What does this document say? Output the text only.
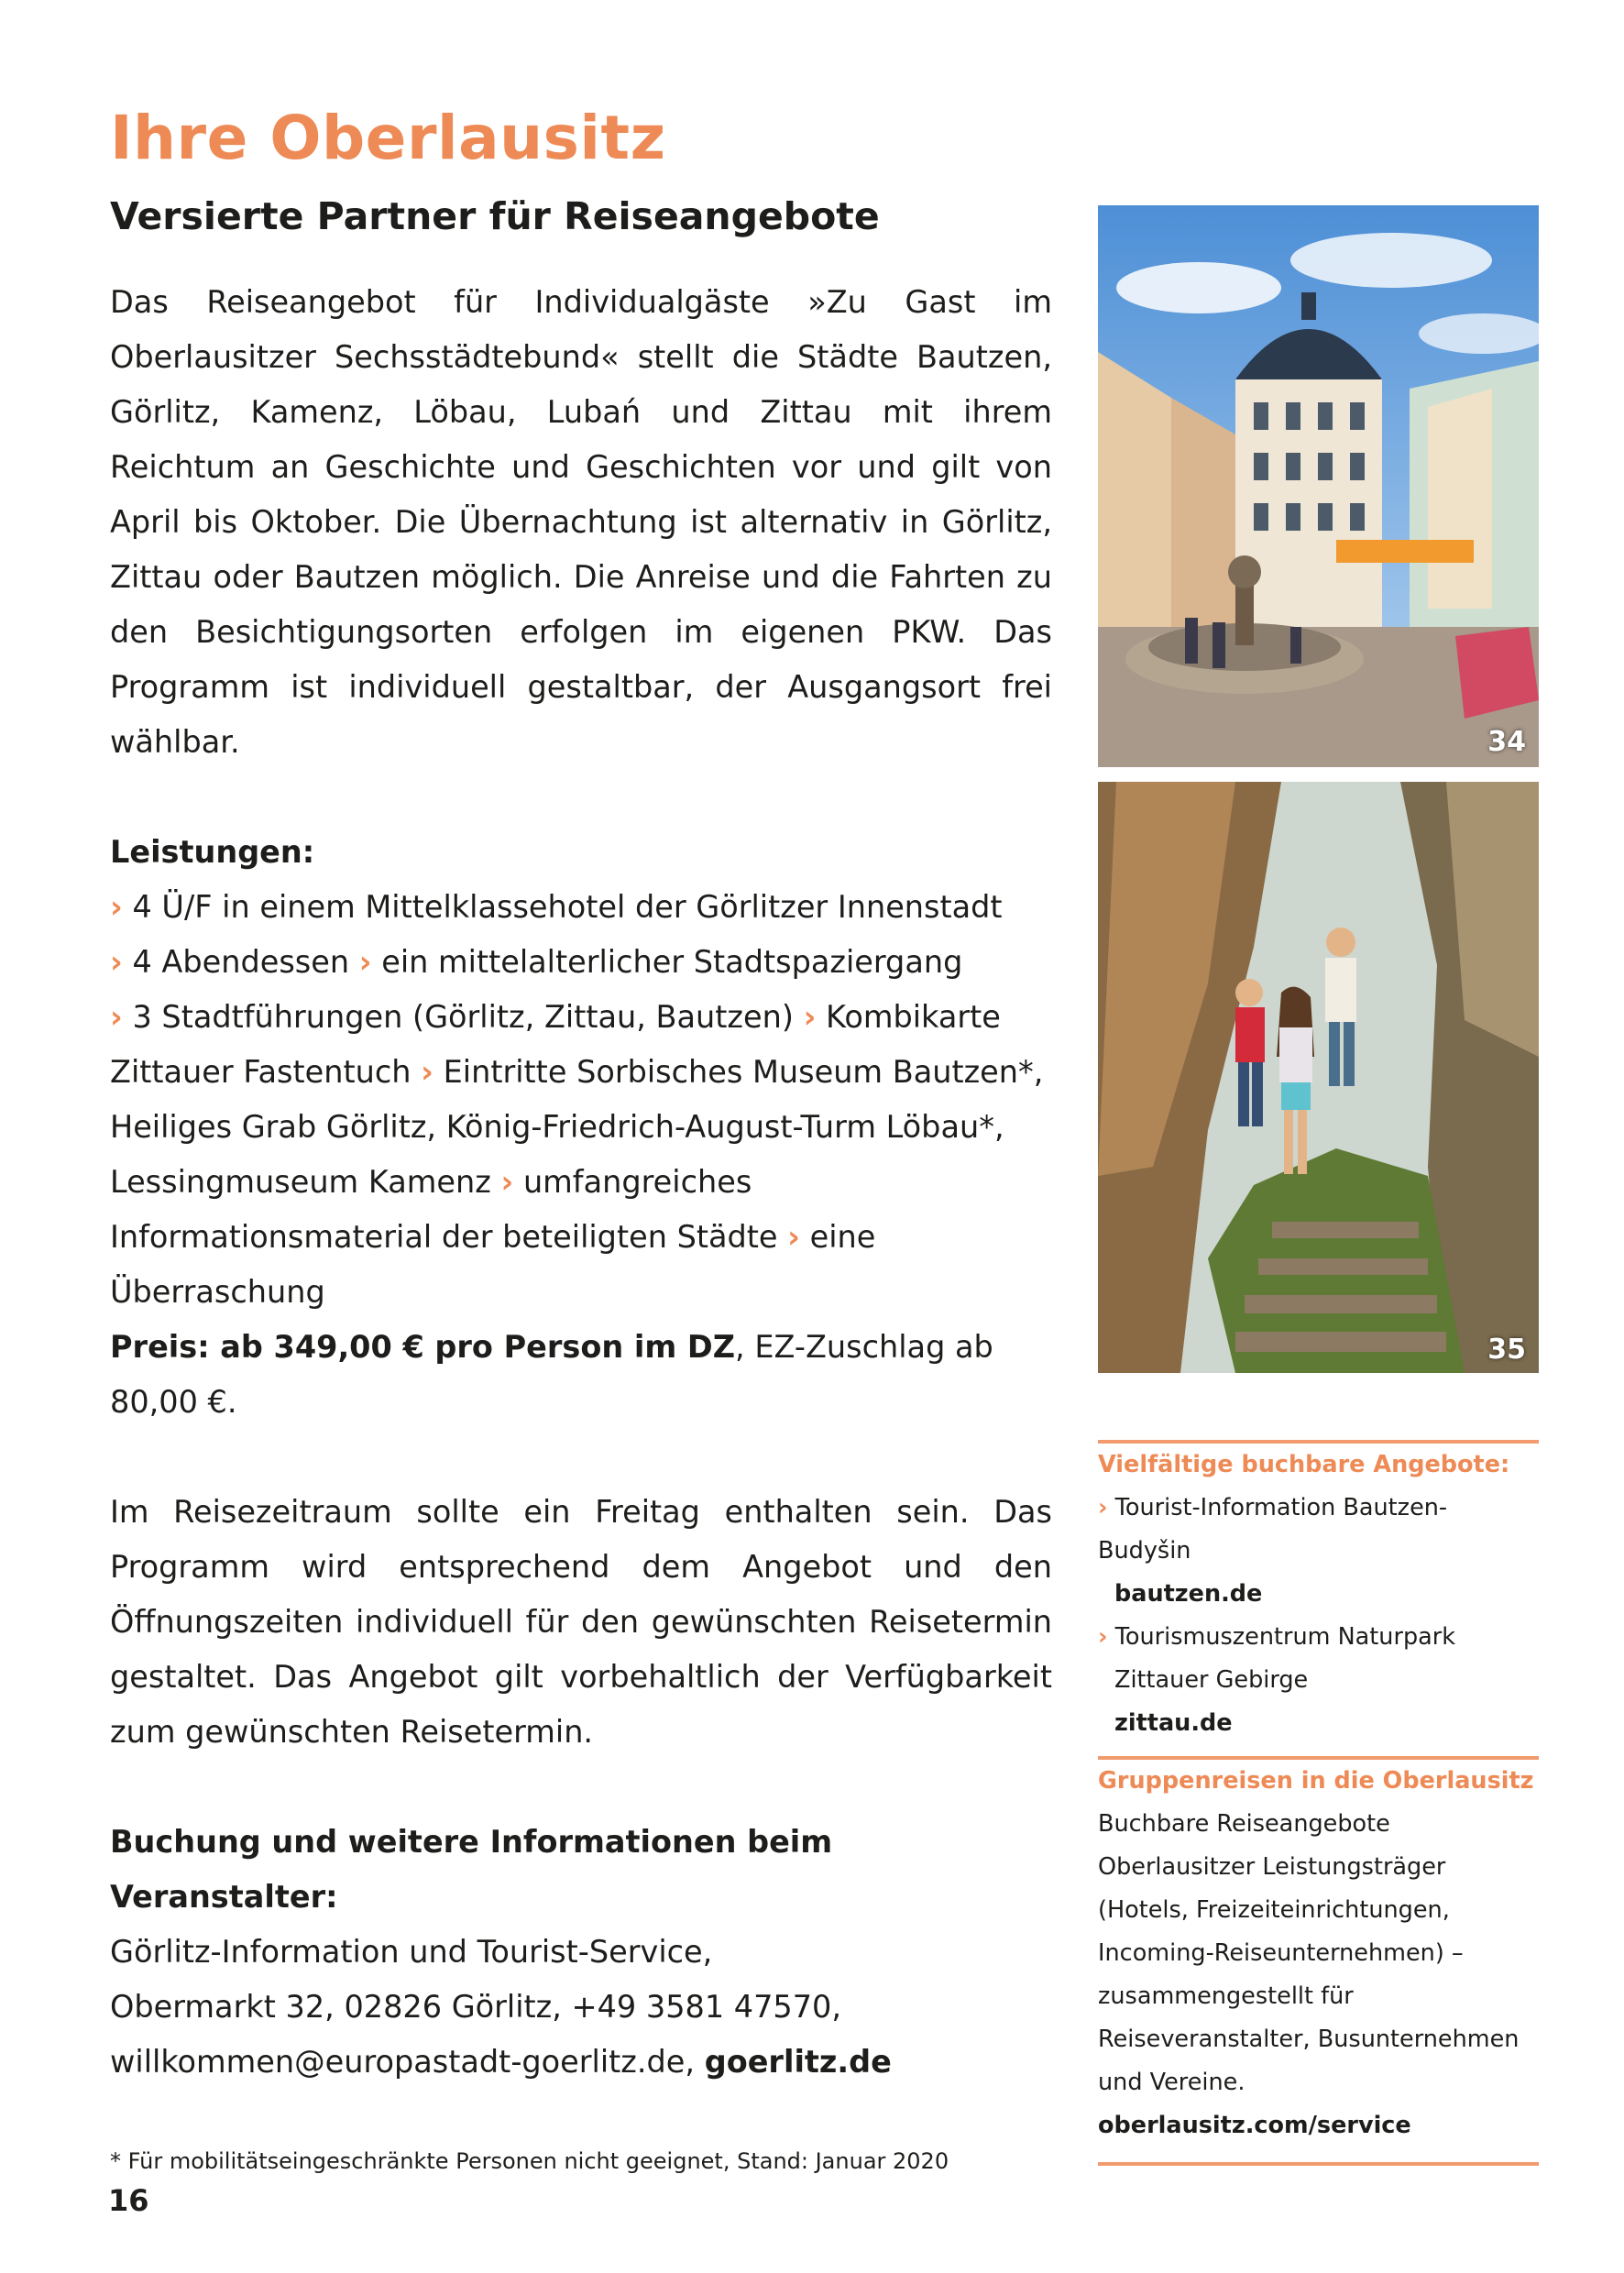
Ihre Oberlausitz
Versierte Partner für Reiseangebote

Das Reiseangebot für Individualgäste »Zu Gast im Oberlausitzer Sechsstädtebund« stellt die Städte Bautzen, Görlitz, Kamenz, Löbau, Lubań und Zittau mit ihrem Reichtum an Geschichte und Geschichten vor und gilt von April bis Oktober. Die Übernachtung ist alternativ in Görlitz, Zittau oder Bautzen möglich. Die Anreise und die Fahrten zu den Besichtigungsorten erfolgen im eigenen PKW. Das Programm ist individuell gestaltbar, der Ausgangsort frei wählbar.

Leistungen:

› 4 Ü/F in einem Mittelklassehotel der Görlitzer Innenstadt
› 4 Abendessen › ein mittelalterlicher Stadtspaziergang
› 3 Stadtführungen (Görlitz, Zittau, Bautzen) › Kombikarte Zittauer Fastentuch › Eintritte Sorbisches Museum Bautzen*, Heiliges Grab Görlitz, König-Friedrich-August-Turm Löbau*, Lessingmuseum Kamenz › umfangreiches Informationsmaterial der beteiligten Städte › eine Überraschung

Preis: ab 349,00 € pro Person im DZ, EZ-Zuschlag ab 80,00 €.

Im Reisezeitraum sollte ein Freitag enthalten sein. Das Programm wird entsprechend dem Angebot und den Öffnungszeiten individuell für den gewünschten Reisetermin gestaltet. Das Angebot gilt vorbehaltlich der Verfügbarkeit zum gewünschten Reisetermin.

Buchung und weitere Informationen beim Veranstalter:

Görlitz-Information und Tourist-Service,
Obermarkt 32, 02826 Görlitz, +49 3581 47570,
willkommen@europastadt-goerlitz.de, goerlitz.de

* Für mobilitätseingeschränkte Personen nicht geeignet, Stand: Januar 2020

34
35

Vielfältige buchbare Angebote:

› Tourist-Information Bautzen-Budyšin

bautzen.de

› Tourismuszentrum Naturpark

Zittauer Gebirge

zittau.de

Gruppenreisen in die Oberlausitz

Buchbare Reiseangebote Oberlausitzer Leistungsträger (Hotels, Freizeiteinrichtungen, Incoming-Reiseunternehmen) – zusammengestellt für Reiseveranstalter, Busunternehmen und Vereine.

oberlausitz.com/service

16
